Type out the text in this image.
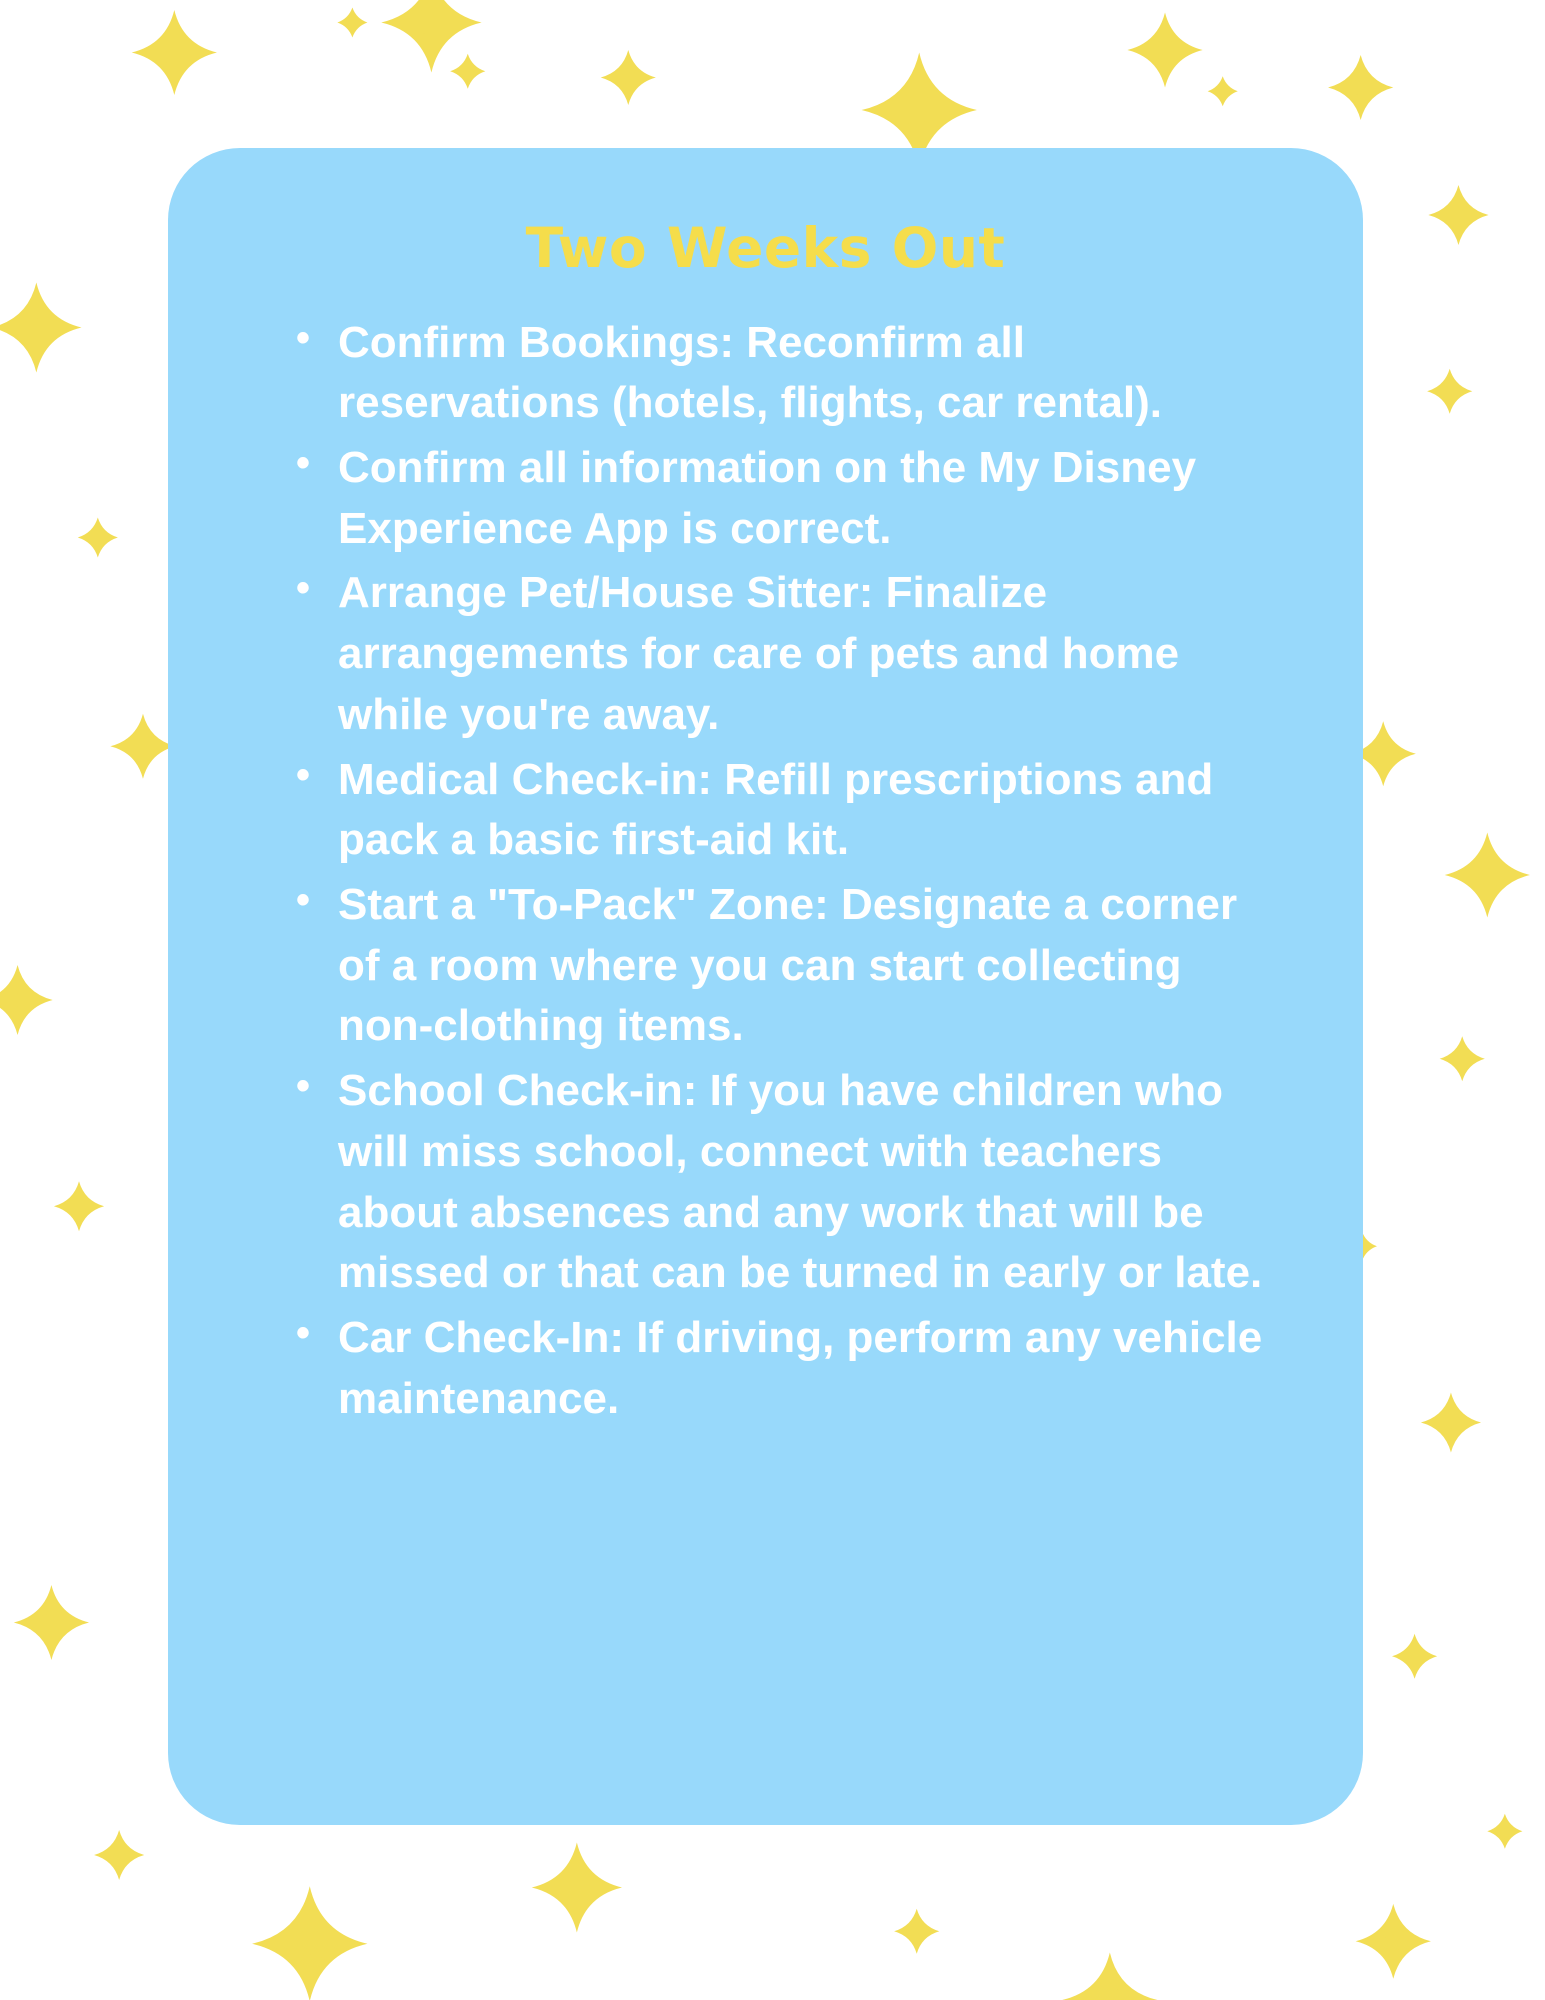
Two Weeks Out
• Confirm Bookings: Reconfirm all reservations (hotels, flights, car rental).
• Confirm all information on the My Disney Experience App is correct.
• Arrange Pet/House Sitter: Finalize arrangements for care of pets and home while you're away.
• Medical Check-in: Refill prescriptions and pack a basic first-aid kit.
• Start a "To-Pack" Zone: Designate a corner of a room where you can start collecting non-clothing items.
• School Check-in: If you have children who will miss school, connect with teachers about absences and any work that will be missed or that can be turned in early or late.
• Car Check-In: If driving, perform any vehicle maintenance.
